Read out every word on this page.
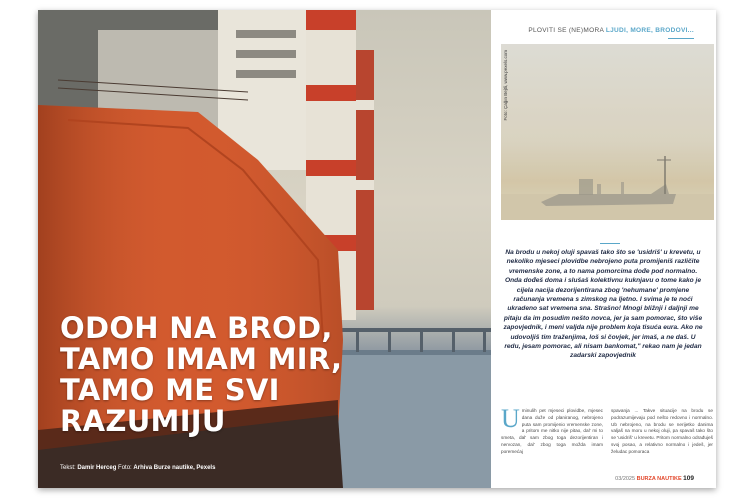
ODOH NA BROD,
TAMO IMAM MIR,
TAMO ME SVI
RAZUMIJU
Tekst: Damir Herceg Foto: Arhiva Burze nautike, Pexels
PLOVITI SE (NE)MORA LJUDI, MORE, BRODOVI...
Foto: Çağın Bejtli, www.pexels.com

Na brodu u nekoj oluji spavaš tako što se 'usidriš' u krevetu, u nekoliko mjeseci plovidbe nebrojeno puta promijeniš različite vremenske zone, a to nama pomorcima dođe pod normalno. Onda dođeš doma i slušaš kolektivnu kuknjavu o tome kako je cijela nacija dezorijentirana zbog 'nehumane' promjene računanja vremena s zimskog na ljetno. I svima je te noći ukradeno sat vremena sna. Strašno! Mnogi bližnji i daljnji me pitaju da im posudim nešto novca, jer ja sam pomorac, što više zapovjednik, i meni valjda nije problem koja tisuća eura. Ako ne udovoljiš tim traženjima, loš si čovjek, jer imaš, a ne daš. U redu, jesam pomorac, ali nisam bankomat," rekao nam je jedan zadarski zapovjednik

U minulih pet mjeseci plovidbe, mjesec dana duže od planiranog, nebrojeno puta sam promijenio vremenske zone, a pritom me nitko nije pitao, dal' mi to smeta, dal' sam zbog toga dezorijentiran i nervozan, dal' zbog toga možda imam poremećaj

spavanja ... Takve situacije na brodu se podrazumijevaju pod nešto redovno i normalno. Ub nebrojeno, na brodu se nerijetko danima valjaš na moru u nekoj oluji, pa spavaš tako što se 'usidriš' u krevetu. Pritom normalno odrađuješ svoj posao, a relativno normalno i jedeš, jer želudac pomorаca

03/2025 BURZA NAUTIKE 109
